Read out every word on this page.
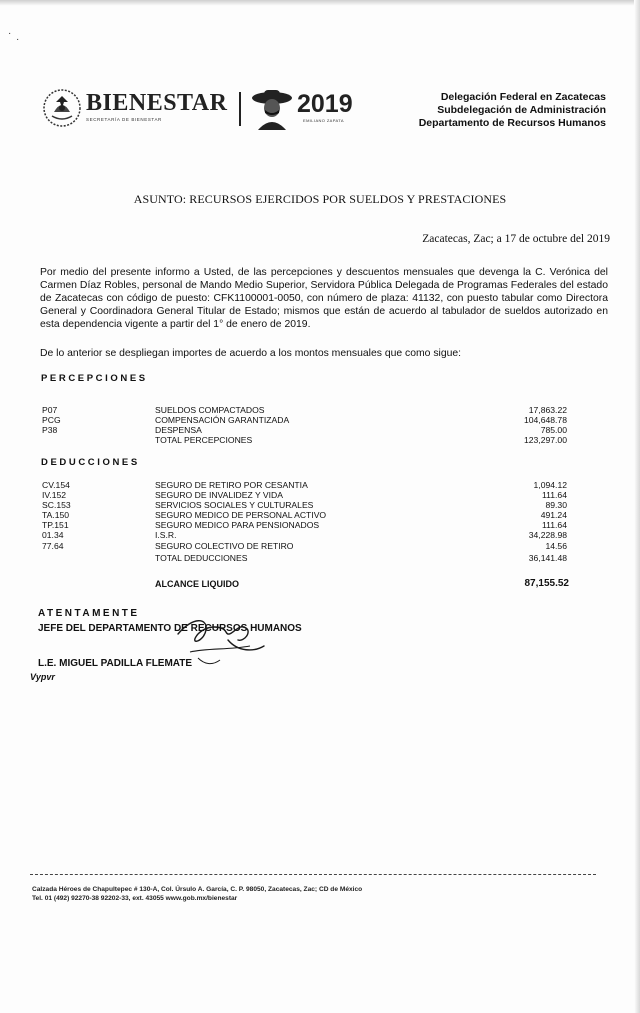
·
·
BIENESTAR
SECRETARÍA DE BIENESTAR
2019
EMILIANO ZAPATA
Delegación Federal en Zacatecas
Subdelegación de Administración
Departamento de Recursos Humanos
ASUNTO: RECURSOS EJERCIDOS POR SUELDOS Y PRESTACIONES
Zacatecas, Zac; a 17 de octubre del 2019
Por medio del presente informo a Usted, de las percepciones y descuentos mensuales que devenga la C. Verónica del Carmen Díaz Robles, personal de Mando Medio Superior, Servidora Pública Delegada de Programas Federales del estado de Zacatecas con código de puesto: CFK1100001-0050, con número de plaza: 41132, con puesto tabular como Directora General y Coordinadora General Titular de Estado; mismos que están de acuerdo al tabulador de sueldos autorizado en esta dependencia vigente a partir del 1° de enero de 2019.
De lo anterior se despliegan importes de acuerdo a los montos mensuales que como sigue:
PERCEPCIONES
P07	SUELDOS COMPACTADOS	17,863.22
PCG	COMPENSACIÓN GARANTIZADA	104,648.78
P38	DESPENSA	785.00
TOTAL PERCEPCIONES	123,297.00
DEDUCCIONES
CV.154	SEGURO DE RETIRO POR CESANTIA	1,094.12
IV.152	SEGURO DE INVALIDEZ Y VIDA	111.64
SC.153	SERVICIOS SOCIALES Y CULTURALES	89.30
TA.150	SEGURO MEDICO DE PERSONAL ACTIVO	491.24
TP.151	SEGURO MEDICO PARA PENSIONADOS	111.64
01.34	I.S.R.	34,228.98
77.64	SEGURO COLECTIVO DE RETIRO	14.56
TOTAL DEDUCCIONES	36,141.48
ALCANCE LIQUIDO	87,155.52
ATENTAMENTE
JEFE DEL DEPARTAMENTO DE RECURSOS HUMANOS
L.E. MIGUEL PADILLA FLEMATE
Vypvr
Calzada Héroes de Chapultepec # 130-A, Col. Úrsulo A. García, C. P. 98050, Zacatecas, Zac; CD de México
Tel. 01 (492) 92270-38 92202-33, ext. 43055 www.gob.mx/bienestar
